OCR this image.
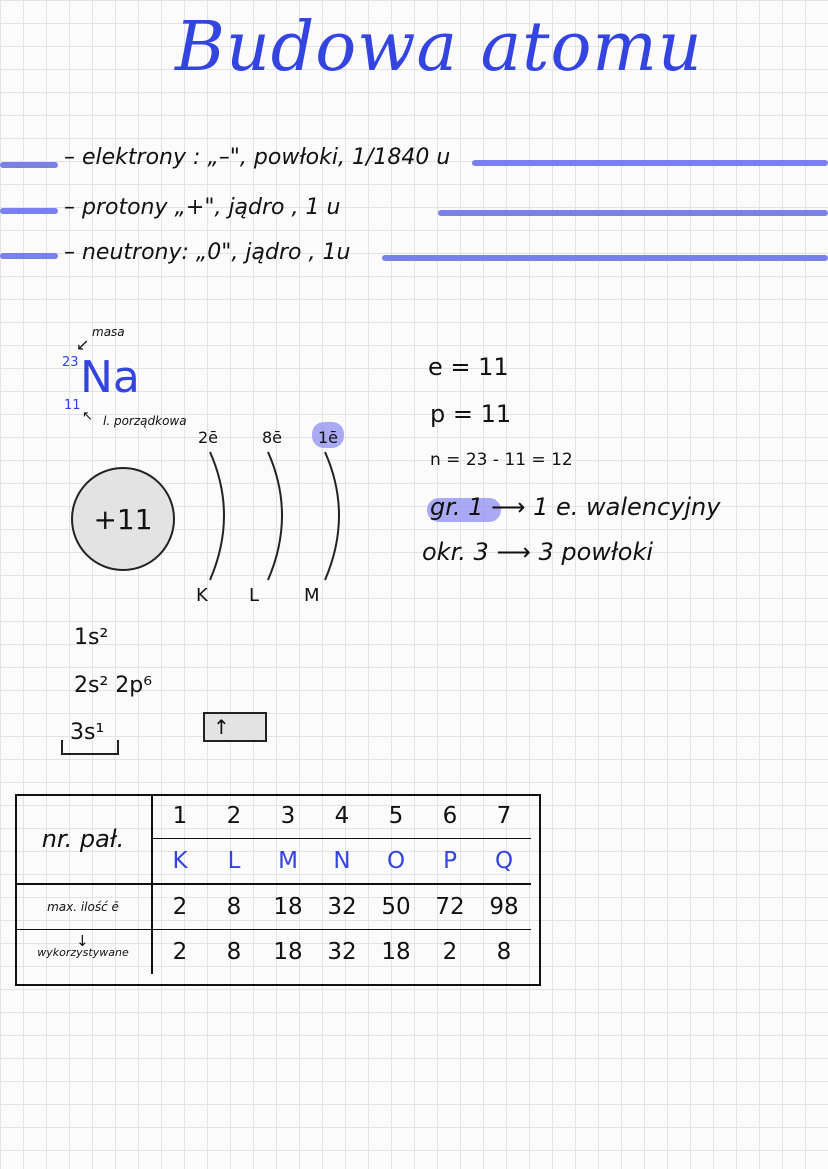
Budowa atomu
– elektrony : „–", powłoki, 1/1840 u
– protony „+", jądro , 1 u
– neutrony: „0", jądro , 1u
masa
↙
23 Na
11
↖ l. porządkowa
+11
2ē	8ē 1ē
K L M
e = 11
p = 11
n = 23 - 11 = 12
gr. 1 ⟶ 1 e. walencyjny
okr. 3 ⟶ 3 powłoki
1s²
2s² 2p⁶
3s¹	↑
nr. pał.	1	2	3	4	5	6	7
	K	L	M	N	O	P	Q
max. ilość ē	2	8	18	32	50	72	98
wykorzystywane	2	8	18	32	18	2	8
↓
